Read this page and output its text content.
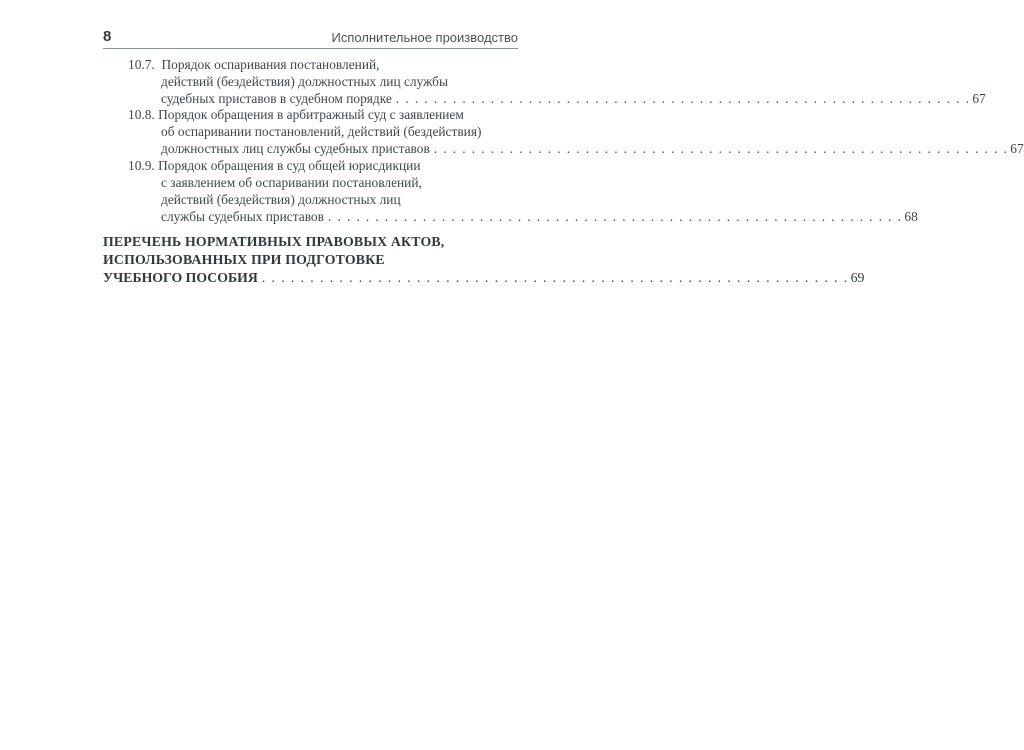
8	Исполнительное производство
10.7. Порядок оспаривания постановлений,
действий (бездействия) должностных лиц службы
судебных приставов в судебном порядке . . . . . . . . . . . . . . . . . . . . . . . . . . . . . . . . . . . . . . . . . . . . . . . . . . . . . . . . . . . . . 67
10.8. Порядок обращения в арбитражный суд с заявлением
об оспаривании постановлений, действий (бездействия)
должностных лиц службы судебных приставов . . . . . . . . . . . . . . . . . . . . . . . . . . . . . . . . . . . . . . . . . . . . . . . . . . . . . . . . . . . . . 67
10.9. Порядок обращения в суд общей юрисдикции
с заявлением об оспаривании постановлений,
действий (бездействия) должностных лиц
службы судебных приставов . . . . . . . . . . . . . . . . . . . . . . . . . . . . . . . . . . . . . . . . . . . . . . . . . . . . . . . . . . . . . 68
ПЕРЕЧЕНЬ НОРМАТИВНЫХ ПРАВОВЫХ АКТОВ,
ИСПОЛЬЗОВАННЫХ ПРИ ПОДГОТОВКЕ
УЧЕБНОГО ПОСОБИЯ . . . . . . . . . . . . . . . . . . . . . . . . . . . . . . . . . . . . . . . . . . . . . . . . . . . . . . . . . . . . . 69
